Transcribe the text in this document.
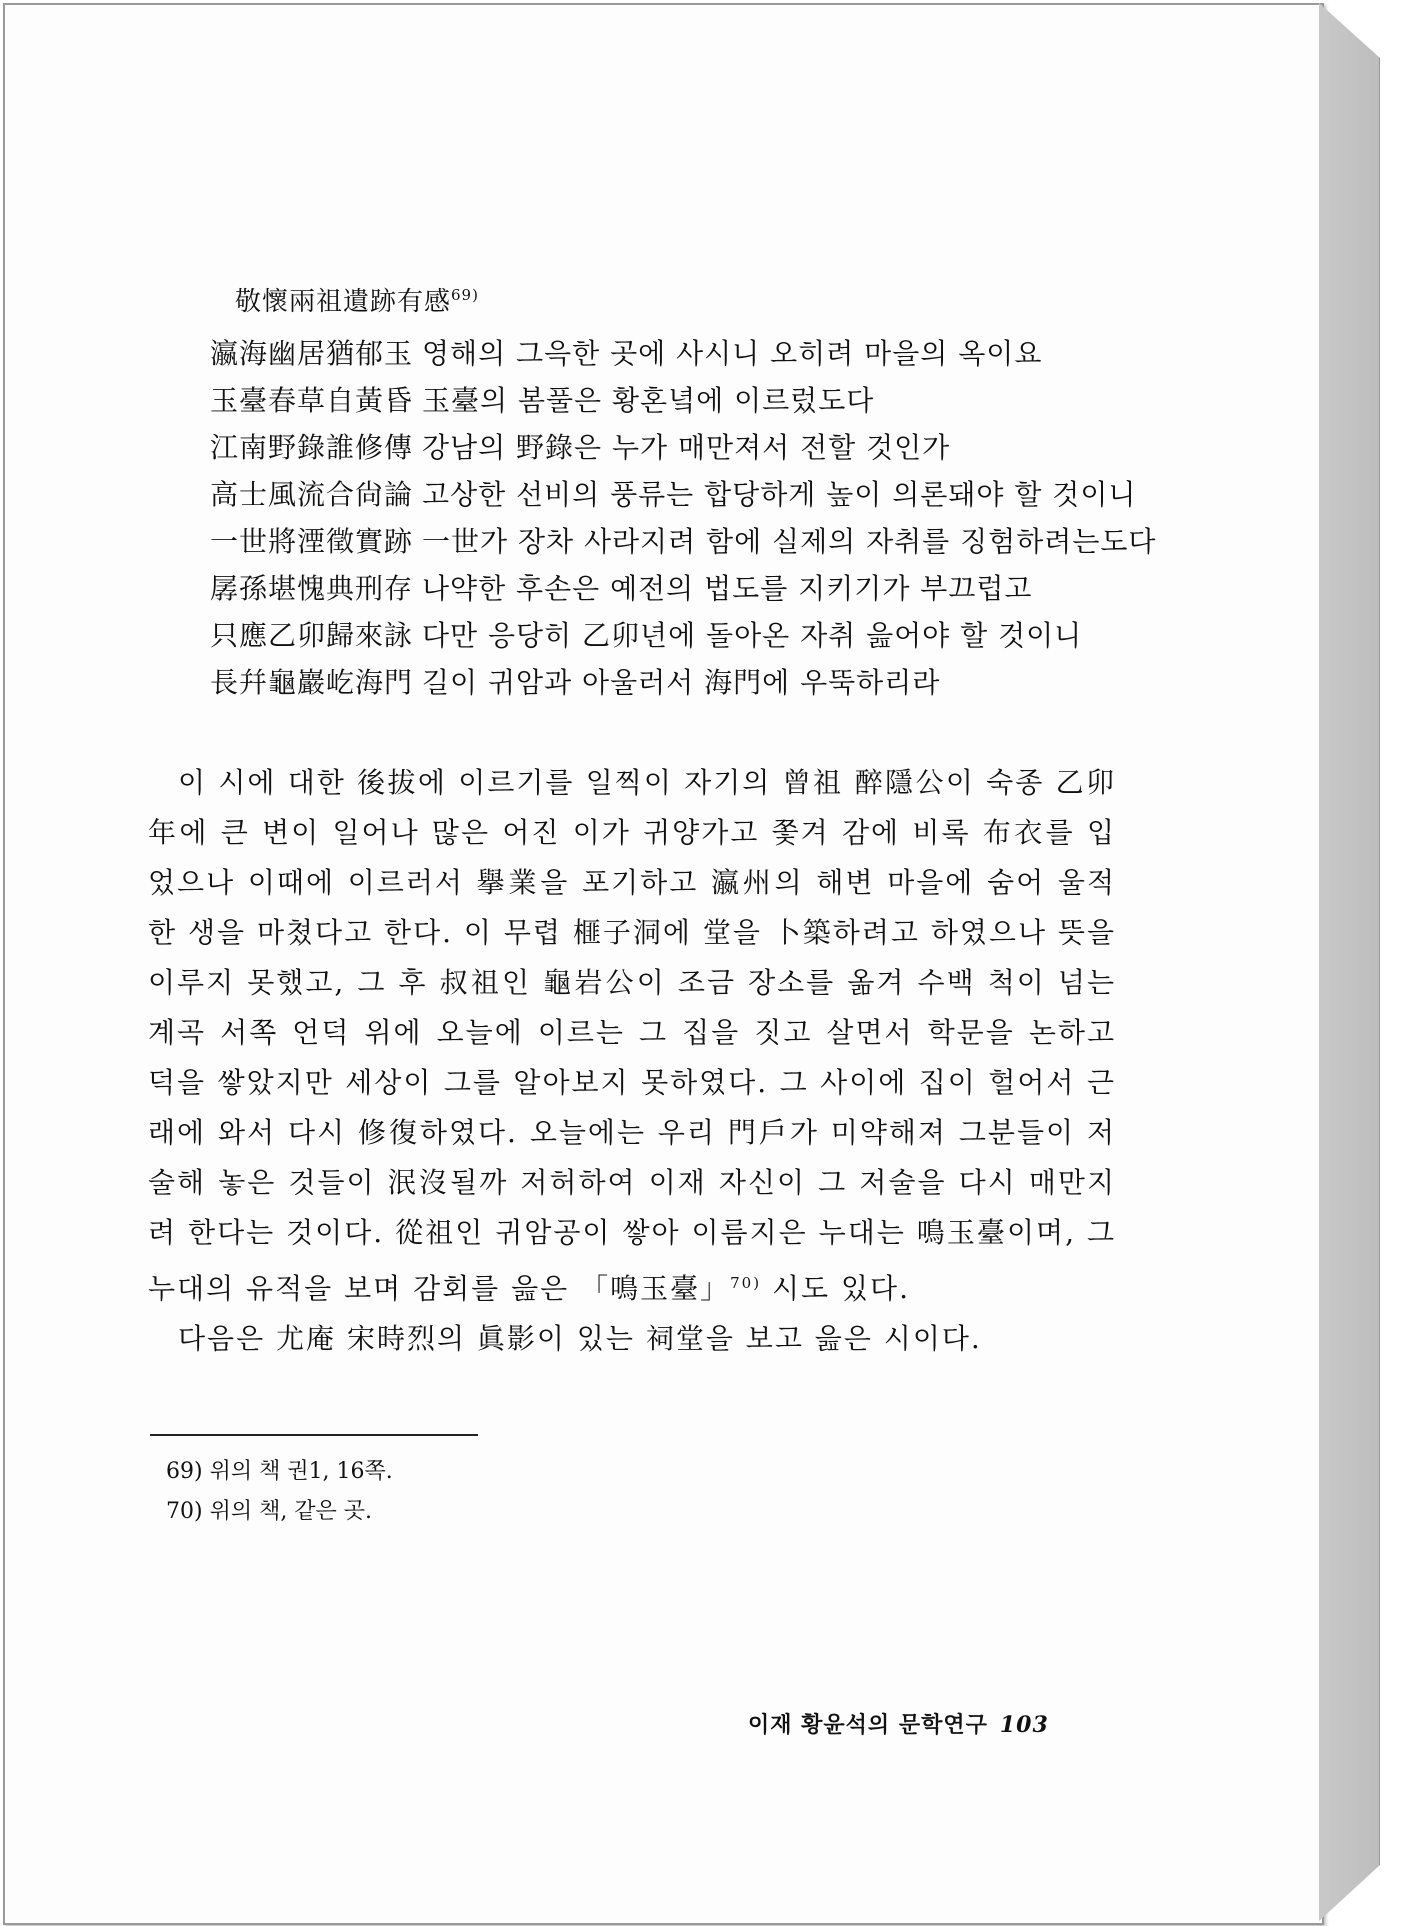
敬懷兩祖遺跡有感$^{69)}$
瀛海幽居猶郁玉 영해의 그윽한 곳에 사시니 오히려 마을의 옥이요
玉臺春草自黃昏 玉臺의 봄풀은 황혼녘에 이르렀도다
江南野錄誰修傳 강남의 野錄은 누가 매만져서 전할 것인가
高士風流合尙論 고상한 선비의 풍류는 합당하게 높이 의론돼야 할 것이니
一世將湮徵實跡 一世가 장차 사라지려 함에 실제의 자취를 징험하려는도다
孱孫堪愧典刑存 나약한 후손은 예전의 법도를 지키기가 부끄럽고
只應乙卯歸來詠 다만 응당히 乙卯년에 돌아온 자취 읊어야 할 것이니
長幷龜巖屹海門 길이 귀암과 아울러서 海門에 우뚝하리라

이 시에 대한 後拔에 이르기를 일찍이 자기의 曾祖 醉隱公이 숙종 乙卯年에 큰 변이 일어나 많은 어진 이가 귀양가고 쫓겨 감에 비록 布衣를 입었으나 이때에 이르러서 擧業을 포기하고 瀛州의 해변 마을에 숨어 울적한 생을 마쳤다고 한다. 이 무렵 榧子洞에 堂을 卜築하려고 하였으나 뜻을 이루지 못했고, 그 후 叔祖인 龜岩公이 조금 장소를 옮겨 수백 척이 넘는 계곡 서쪽 언덕 위에 오늘에 이르는 그 집을 짓고 살면서 학문을 논하고 덕을 쌓았지만 세상이 그를 알아보지 못하였다. 그 사이에 집이 헐어서 근래에 와서 다시 修復하였다. 오늘에는 우리 門戶가 미약해져 그분들이 저술해 놓은 것들이 泯沒될까 저허하여 이재 자신이 그 저술을 다시 매만지려 한다는 것이다. 從祖인 귀암공이 쌓아 이름지은 누대는 鳴玉臺이며, 그 누대의 유적을 보며 감회를 읊은 「鳴玉臺」$^{70)}$ 시도 있다.

다음은 尤庵 宋時烈의 眞影이 있는 祠堂을 보고 읊은 시이다.

69) 위의 책 권1, 16쪽.
70) 위의 책, 같은 곳.
이재 황윤석의 문학연구 103
